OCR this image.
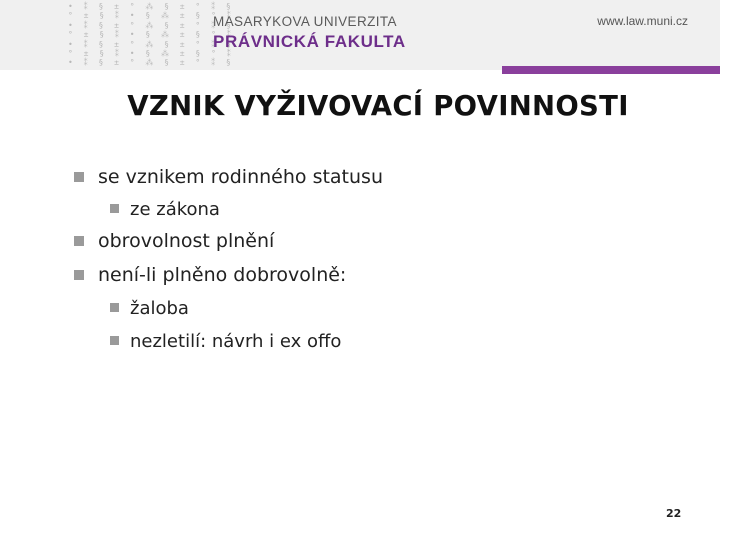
• ⁑ § ± ° ⁂ § ±
° ± § ⁑ • § ⁂ ±
• ⁑ § ± ° ⁂ § ±
° ± § ⁑ • § ⁂ ±
• ⁑ § ± ° ⁂ § ±
° ± § ⁑ • § ⁂ ±
• ⁑ § ± ° ⁂ § ±
MASARYKOVA UNIVERZITA
PRÁVNICKÁ FAKULTA
www.law.muni.cz
VZNIK VYŽIVOVACÍ POVINNOSTI
se vznikem rodinného statusu
ze zákona
obrovolnost plnění
není-li plněno dobrovolně:
žaloba
nezletilí: návrh i ex offo
22
